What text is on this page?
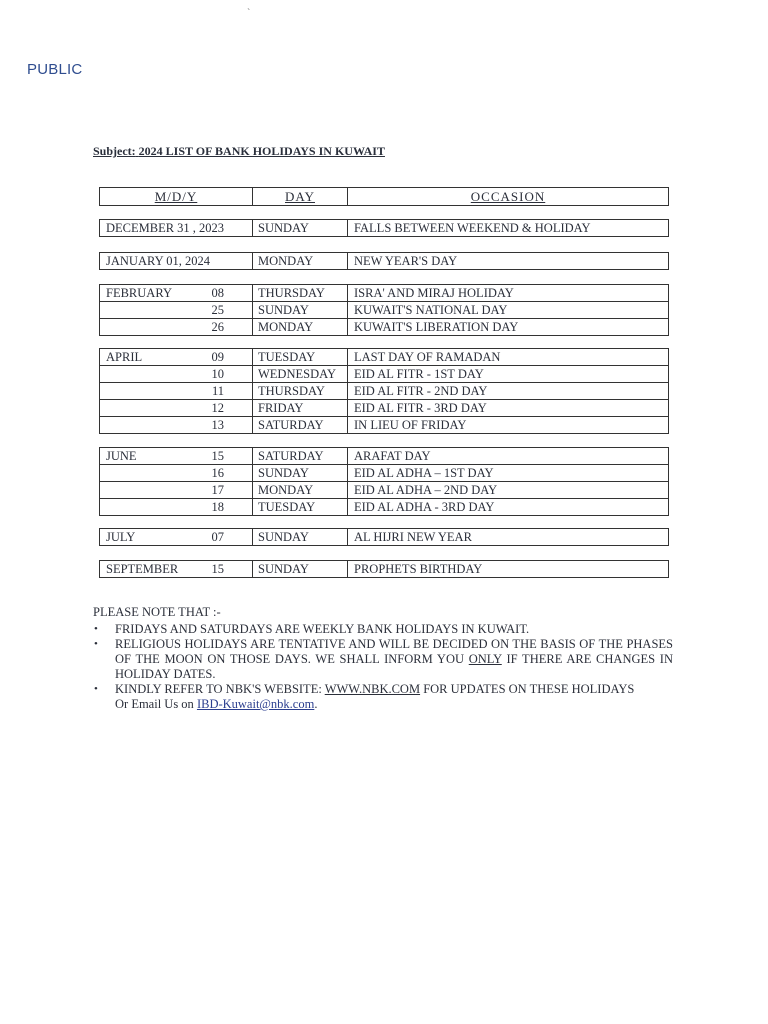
`
PUBLIC
Subject: 2024 LIST OF BANK HOLIDAYS IN KUWAIT
M/D/Y	DAY	OCCASION
DECEMBER 31 , 2023	SUNDAY	FALLS BETWEEN WEEKEND & HOLIDAY
JANUARY 01, 2024	MONDAY	NEW YEAR'S DAY
FEBRUARY	08	THURSDAY	ISRA' AND MIRAJ HOLIDAY
25	SUNDAY	KUWAIT'S NATIONAL DAY
26	MONDAY	KUWAIT'S LIBERATION DAY
APRIL	09	TUESDAY	LAST DAY OF RAMADAN
10	WEDNESDAY	EID AL FITR - 1ST DAY
11	THURSDAY	EID AL FITR - 2ND DAY
12	FRIDAY	EID AL FITR - 3RD DAY
13	SATURDAY	IN LIEU OF FRIDAY
JUNE	15	SATURDAY	ARAFAT DAY
16	SUNDAY	EID AL ADHA – 1ST DAY
17	MONDAY	EID AL ADHA – 2ND DAY
18	TUESDAY	EID AL ADHA - 3RD DAY
JULY	07	SUNDAY	AL HIJRI NEW YEAR
SEPTEMBER	15	SUNDAY	PROPHETS BIRTHDAY

PLEASE NOTE THAT :-

• FRIDAYS AND SATURDAYS ARE WEEKLY BANK HOLIDAYS IN KUWAIT.
• RELIGIOUS HOLIDAYS ARE TENTATIVE AND WILL BE DECIDED ON THE BASIS OF THE PHASES OF THE MOON ON THOSE DAYS. WE SHALL INFORM YOU ONLY IF THERE ARE CHANGES IN HOLIDAY DATES.
• KINDLY REFER TO NBK'S WEBSITE: WWW.NBK.COM FOR UPDATES ON THESE HOLIDAYS
Or Email Us on IBD-Kuwait@nbk.com.
